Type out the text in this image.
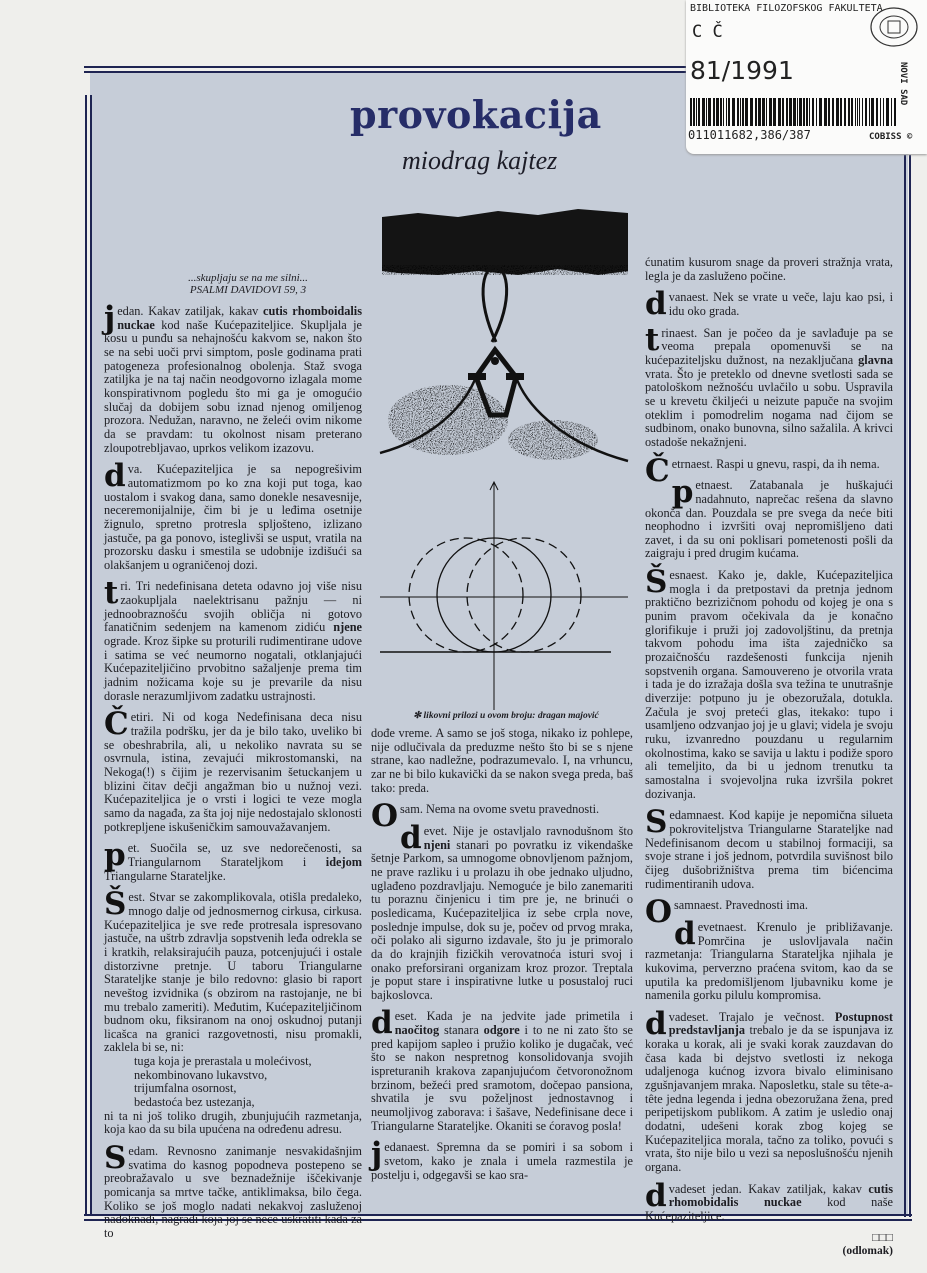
provokacija
miodrag kajtez
✻ likovni prilozi u ovom broju: dragan majović
...skupljaju se na me silni...
PSALMI DAVIDOVI 59, 3
jedan. Kakav zatiljak, kakav cutis rhomboidalis nuckae kod naše Kućepaziteljice. Skupljala je kosu u punđu sa nehajnošću kakvom se, nakon što se na sebi uoči prvi simptom, posle godinama prati patogeneza profesionalnog obolenja. Staž svoga zatiljka je na taj način neodgovorno izlagala mome konspirativnom pogledu što mi ga je omogućio slučaj da dobijem sobu iznad njenog omiljenog prozora. Nedužan, naravno, ne želeći ovim nikome da se pravdam: tu okolnost nisam preterano zloupotrebljavao, uprkos velikom izazovu.
dva. Kućepaziteljica je sa nepogrešivim automatizmom po ko zna koji put toga, kao uostalom i svakog dana, samo donekle nesavesnije, neceremonijalnije, čim bi je u leđima osetnije žignulo, spretno protresla spljošteno, izlizano jastuče, pa ga ponovo, isteglivši se usput, vratila na prozorsku dasku i smestila se udobnije izdišući sa olakšanjem u ograničenoj dozi.
tri. Tri nedefinisana deteta odavno joj više nisu zaokupljala naelektrisanu pažnju — ni jednoobraznošću svojih obličja ni gotovo fanatičnim sedenjem na kamenom zidiću njene ograde. Kroz šipke su proturili rudimentirane udove i satima se već neumorno nogatali, otklanjajući Kućepaziteljičino prvobitno sažaljenje prema tim jadnim nožicama koje su je prevarile da nisu dorasle nerazumljivom zadatku ustrajnosti.
Četiri. Ni od koga Nedefinisana deca nisu tražila podršku, jer da je bilo tako, uveliko bi se obeshrabrila, ali, u nekoliko navrata su se osvrnula, istina, zevajući mikrostomanski, na Nekoga(!) s čijim je rezervisanim šetuckanjem u blizini čitav dečji angažman bio u nužnoj vezi. Kućepaziteljica je o vrsti i logici te veze mogla samo da nagađa, za šta joj nije nedostajalo sklonosti potkrepljene iskušeničkim samouvažavanjem.
pet. Suočila se, uz sve nedorečenosti, sa Triangularnom Starateljkom i idejom Triangularne Starateljke.
Šest. Stvar se zakomplikovala, otišla predaleko, mnogo dalje od jednosmernog cirkusa, cirkusa. Kućepaziteljica je sve ređe protresala ispresovano jastuče, na uštrb zdravlja sopstvenih leđa odrekla se i kratkih, relaksirajućih pauza, potcenjujući i ostale distorzivne pretnje. U taboru Triangularne Starateljke stanje je bilo redovno: glasio bi raport neveštog izvidnika (s obzirom na rastojanje, ne bi mu trebalo zameriti). Međutim, Kućepaziteljičinom budnom oku, fiksiranom na onoj oskudnoj putanji licašca na granici razgovetnosti, nisu promakli, zaklela bi se, ni:
tuga koja je prerastala u molećivost,
nekombinovano lukavstvo,
trijumfalna osornost,
bedastoća bez ustezanja,
ni ta ni još toliko drugih, zbunjujućih razmetanja, koja kao da su bila upućena na određenu adresu.
Sedam. Revnosno zanimanje nesvakidašnjim svatima do kasnog popodneva postepeno se preobražavalo u sve beznadežnije iščekivanje pomicanja sa mrtve tačke, antiklimaksa, bilo čega. Koliko se još moglo nadati nekakvoj zasluženoj nadoknadi, nagradi koja joj se neće uskratiti kada za to
dođe vreme. A samo se još stoga, nikako iz pohlepe, nije odlučivala da preduzme nešto što bi se s njene strane, kao nadležne, podrazumevalo. I, na vrhuncu, zar ne bi bilo kukavički da se nakon svega preda, baš tako: preda.
Osam. Nema na ovome svetu pravednosti.
devet. Nije je ostavljalo ravnodušnom što njeni stanari po povratku iz vikendaške šetnje Parkom, sa umnogome obnovljenom pažnjom, ne prave razliku i u prolazu ih obe jednako uljudno, uglađeno pozdravljaju. Nemoguće je bilo zanemariti tu poraznu činjenicu i tim pre je, ne brinući o posledicama, Kućepaziteljica iz sebe crpla nove, poslednje impulse, dok su je, počev od prvog mraka, oči polako ali sigurno izdavale, što ju je primoralo da do krajnjih fizičkih verovatnoća isturi svoj i onako preforsirani organizam kroz prozor. Treptala je poput stare i inspirativne lutke u posustaloj ruci bajkoslovca.
deset. Kada je na jedvite jade primetila i naočitog stanara odgore i to ne ni zato što se pred kapijom sapleo i pružio koliko je dugačak, već što se nakon nespretnog konsolidovanja svojih ispreturanih krakova zapanjujućom četvoronožnom brzinom, bežeći pred sramotom, dočepao pansiona, shvatila je svu poželjnost jednostavnog i neumoljivog zaborava: i šašave, Nedefinisane dece i Triangularne Starateljke. Okaniti se ćoravog posla!
jedanaest. Spremna da se pomiri i sa sobom i svetom, kako je znala i umela razmestila je postelju i, odgegavši se kao sra-
ćunatim kusurom snage da proveri stražnja vrata, legla je da zasluženo počine.
dvanaest. Nek se vrate u veče, laju kao psi, i idu oko grada.
trinaest. San je počeo da je savlađuje pa se veoma prepala opomenuvši se na kućepaziteljsku dužnost, na nezaključana glavna vrata. Što je preteklo od dnevne svetlosti sada se patološkom nežnošću uvlačilo u sobu. Uspravila se u krevetu čkiljeći u neizute papuče na svojim oteklim i pomodrelim nogama nad čijom se sudbinom, onako bunovna, silno sažalila. A krivci ostadoše nekažnjeni.
Četrnaest. Raspi u gnevu, raspi, da ih nema.
petnaest. Zatabanala je huškajući nadahnuto, naprečac rešena da slavno okonča dan. Pouzdala se pre svega da neće biti neophodno i izvršiti ovaj nepromišljeno dati zavet, i da su oni poklisari pometenosti pošli da zaigraju i pred drugim kućama.
Šesnaest. Kako je, dakle, Kućepaziteljica mogla i da pretpostavi da pretnja jednom praktično bezrizičnom pohodu od kojeg je ona s punim pravom očekivala da je konačno glorifikuje i pruži joj zadovoljštinu, da pretnja takvom pohodu ima išta zajedničko sa prozaičnošću razdešenosti funkcija njenih sopstvenih organa. Samouvereno je otvorila vrata i tada je do izražaja došla sva težina te unutrašnje diverzije: potpuno ju je obezoružala, dotukla. Začula je svoj preteći glas, itekako: tupo i usamljeno odzvanjao joj je u glavi; videla je svoju ruku, izvanredno pouzdanu u regularnim okolnostima, kako se savija u laktu i podiže sporo ali temeljito, da bi u jednom trenutku ta samostalna i svojevoljna ruka izvršila pokret dozivanja.
Sedamnaest. Kod kapije je nepomična silueta pokroviteljstva Triangularne Starateljke nad Nedefinisanom decom u stabilnoj formaciji, sa svoje strane i još jednom, potvrdila suvišnost bilo čijeg dušobrižništva prema tim bićencima rudimentiranih udova.
Osamnaest. Pravednosti ima.
devetnaest. Krenulo je približavanje. Pomrčina je uslovljavala način razmetanja: Triangularna Starateljka njihala je kukovima, perverzno praćena svitom, kao da se uputila ka predomišljenom ljubavniku kome je namenila gorku pilulu kompromisa.
dvadeset. Trajalo je večnost. Postupnost predstavljanja trebalo je da se ispunjava iz koraka u korak, ali je svaki korak zauzdavan do časa kada bi dejstvo svetlosti iz nekoga udaljenoga kućnog izvora bivalo eliminisano zgušnjavanjem mraka. Naposletku, stale su tête-a-tête jedna legenda i jedna obezoružana žena, pred peripetijskom publikom. A zatim je usledio onaj dodatni, udešeni korak zbog kojeg se Kućepaziteljica morala, tačno za toliko, povući s vrata, što nije bilo u vezi sa neposlušnošću njenih organa.
dvadeset jedan. Kakav zatiljak, kakav cutis rhomobidalis nuckae kod naše Kućepaziteljice.
□□□
(odlomak)
BIBLIOTEKA FILOZOFSKOG FAKULTETA
C Č
81/1991
011011682,386/387	COBISS ©
NOVI SAD
